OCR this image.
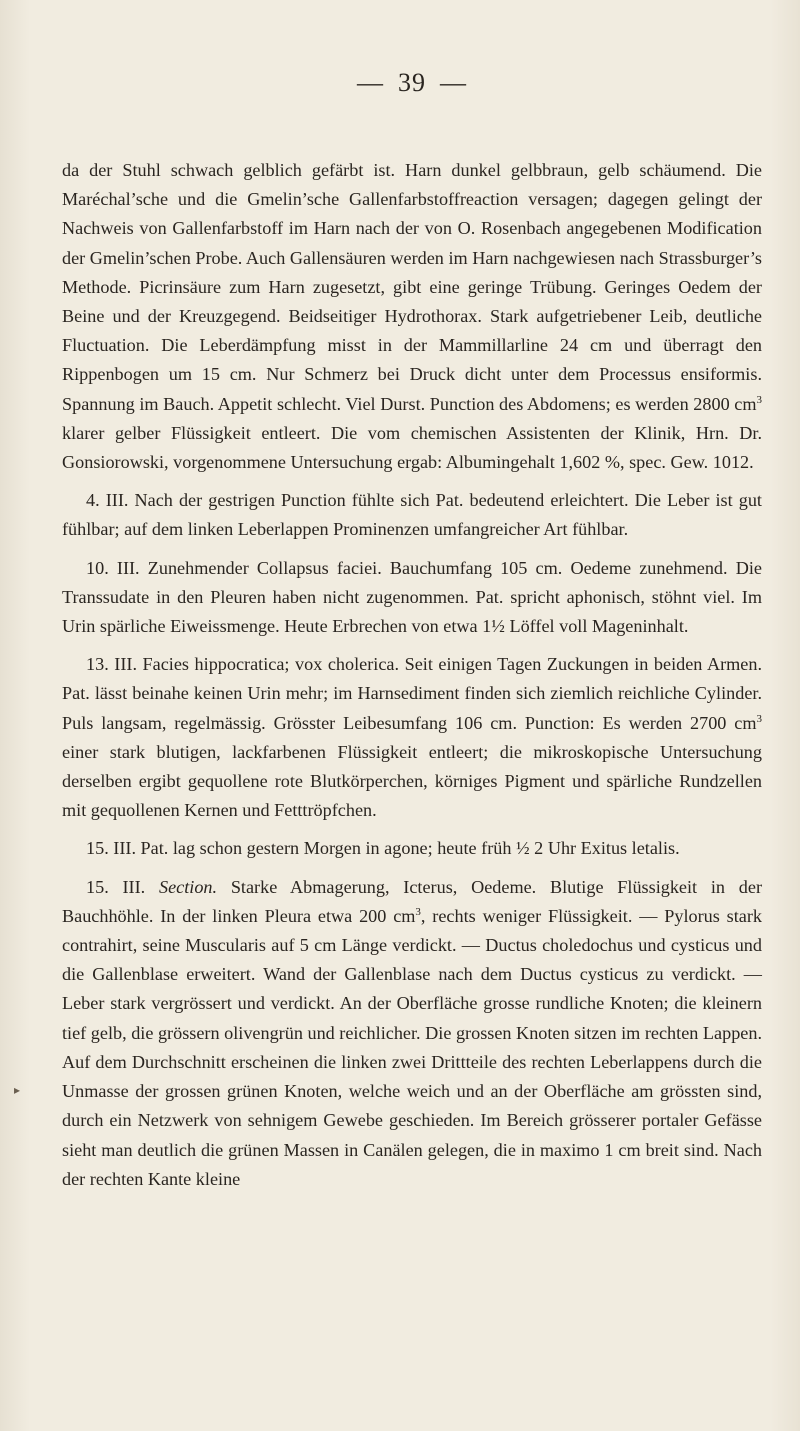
— 39 —

da der Stuhl schwach gelblich gefärbt ist. Harn dunkel gelbbraun, gelb schäumend. Die Maréchal’sche und die Gmelin’sche Gallenfarbstoffreaction versagen; dagegen gelingt der Nachweis von Gallenfarbstoff im Harn nach der von O. Rosenbach angegebenen Modification der Gmelin’schen Probe. Auch Gallensäuren werden im Harn nachgewiesen nach Strassburger’s Methode. Picrinsäure zum Harn zugesetzt, gibt eine geringe Trübung. Geringes Oedem der Beine und der Kreuzgegend. Beidseitiger Hydrothorax. Stark aufgetriebener Leib, deutliche Fluctuation. Die Leberdämpfung misst in der Mammillarline 24 cm und überragt den Rippenbogen um 15 cm. Nur Schmerz bei Druck dicht unter dem Processus ensiformis. Spannung im Bauch. Appetit schlecht. Viel Durst. Punction des Abdomens; es werden 2800 $cm^3$ klarer gelber Flüssigkeit entleert. Die vom chemischen Assistenten der Klinik, Hrn. Dr. Gonsiorowski, vorgenommene Untersuchung ergab: Albumingehalt 1,602 %, spec. Gew. 1012.

4. III. Nach der gestrigen Punction fühlte sich Pat. bedeutend erleichtert. Die Leber ist gut fühlbar; auf dem linken Leberlappen Prominenzen umfangreicher Art fühlbar.

10. III. Zunehmender Collapsus faciei. Bauchumfang 105 cm. Oedeme zunehmend. Die Transsudate in den Pleuren haben nicht zugenommen. Pat. spricht aphonisch, stöhnt viel. Im Urin spärliche Eiweissmenge. Heute Erbrechen von etwa 1½ Löffel voll Mageninhalt.

13. III. Facies hippocratica; vox cholerica. Seit einigen Tagen Zuckungen in beiden Armen. Pat. lässt beinahe keinen Urin mehr; im Harnsediment finden sich ziemlich reichliche Cylinder. Puls langsam, regelmässig. Grösster Leibesumfang 106 cm. Punction: Es werden 2700 $cm^3$ einer stark blutigen, lackfarbenen Flüssigkeit entleert; die mikroskopische Untersuchung derselben ergibt gequollene rote Blutkörperchen, körniges Pigment und spärliche Rundzellen mit gequollenen Kernen und Fetttröpfchen.

15. III. Pat. lag schon gestern Morgen in agone; heute früh ½ 2 Uhr Exitus letalis.

15. III. Section. Starke Abmagerung, Icterus, Oedeme. Blutige Flüssigkeit in der Bauchhöhle. In der linken Pleura etwa 200 $cm^3$, rechts weniger Flüssigkeit. — Pylorus stark contrahirt, seine Muscularis auf 5 cm Länge verdickt. — Ductus choledochus und cysticus und die Gallenblase erweitert. Wand der Gallenblase nach dem Ductus cysticus zu verdickt. — Leber stark vergrössert und verdickt. An der Oberfläche grosse rundliche Knoten; die kleinern tief gelb, die grössern olivengrün und reichlicher. Die grossen Knoten sitzen im rechten Lappen. Auf dem Durchschnitt erscheinen die linken zwei Drittteile des rechten Leberlappens durch die Unmasse der grossen grünen Knoten, welche weich und an der Oberfläche am grössten sind, durch ein Netzwerk von sehnigem Gewebe geschieden. Im Bereich grösserer portaler Gefässe sieht man deutlich die grünen Massen in Canälen gelegen, die in maximo 1 cm breit sind. Nach der rechten Kante kleine

▸
